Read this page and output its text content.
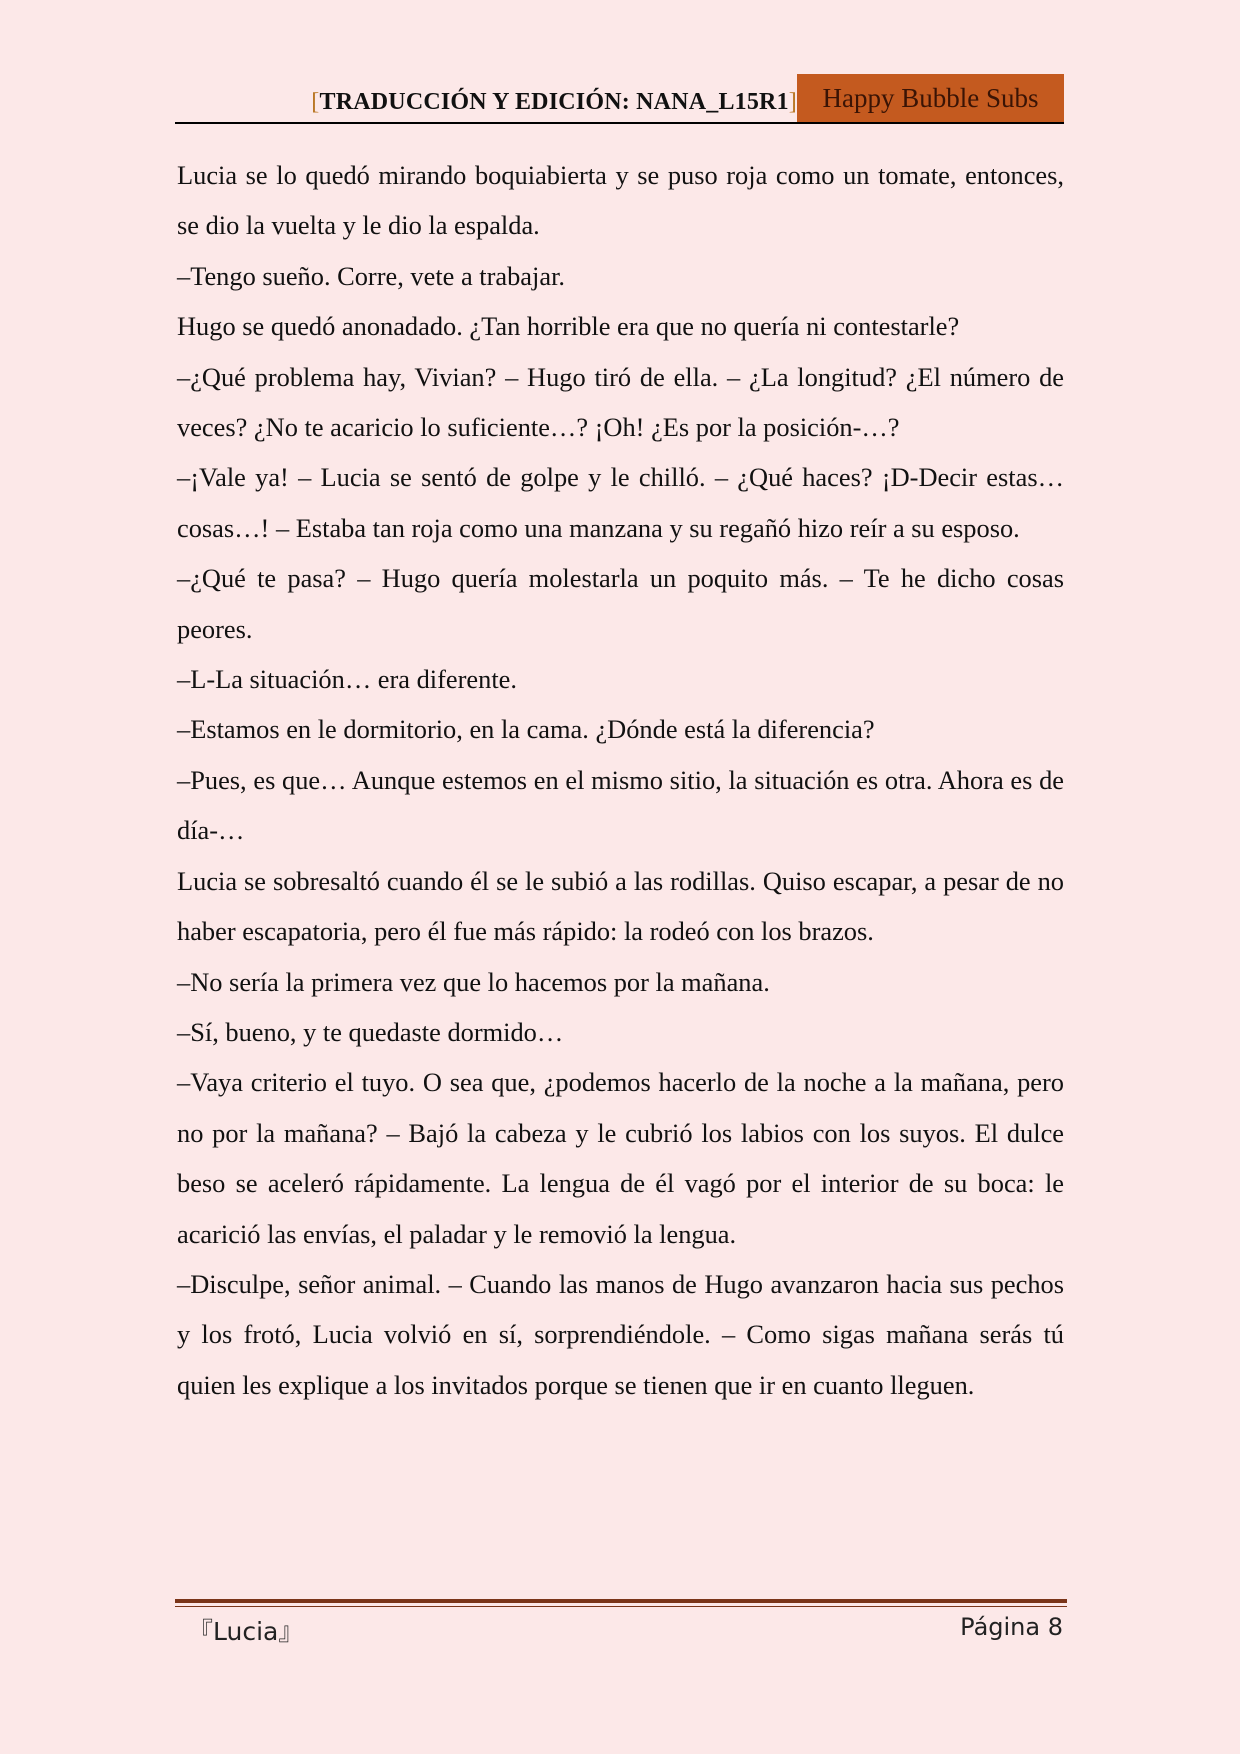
[TRADUCCIÓN Y EDICIÓN: NANA_L15R1] Happy Bubble Subs

Lucia se lo quedó mirando boquiabierta y se puso roja como un tomate, entonces, se dio la vuelta y le dio la espalda.

–Tengo sueño. Corre, vete a trabajar.

Hugo se quedó anonadado. ¿Tan horrible era que no quería ni contestarle?

–¿Qué problema hay, Vivian? – Hugo tiró de ella. – ¿La longitud? ¿El número de veces? ¿No te acaricio lo suficiente…? ¡Oh! ¿Es por la posición-…?

–¡Vale ya! – Lucia se sentó de golpe y le chilló. – ¿Qué haces? ¡D-Decir estas… cosas…! – Estaba tan roja como una manzana y su regañó hizo reír a su esposo.

–¿Qué te pasa? – Hugo quería molestarla un poquito más. – Te he dicho cosas peores.

–L-La situación… era diferente.

–Estamos en le dormitorio, en la cama. ¿Dónde está la diferencia?

–Pues, es que… Aunque estemos en el mismo sitio, la situación es otra. Ahora es de día-…

Lucia se sobresaltó cuando él se le subió a las rodillas. Quiso escapar, a pesar de no haber escapatoria, pero él fue más rápido: la rodeó con los brazos.

–No sería la primera vez que lo hacemos por la mañana.

–Sí, bueno, y te quedaste dormido…

–Vaya criterio el tuyo. O sea que, ¿podemos hacerlo de la noche a la mañana, pero no por la mañana? – Bajó la cabeza y le cubrió los labios con los suyos. El dulce beso se aceleró rápidamente. La lengua de él vagó por el interior de su boca: le acarició las envías, el paladar y le removió la lengua.

–Disculpe, señor animal. – Cuando las manos de Hugo avanzaron hacia sus pechos y los frotó, Lucia volvió en sí, sorprendiéndole. – Como sigas mañana serás tú quien les explique a los invitados porque se tienen que ir en cuanto lleguen.

『Lucia』	Página 8
